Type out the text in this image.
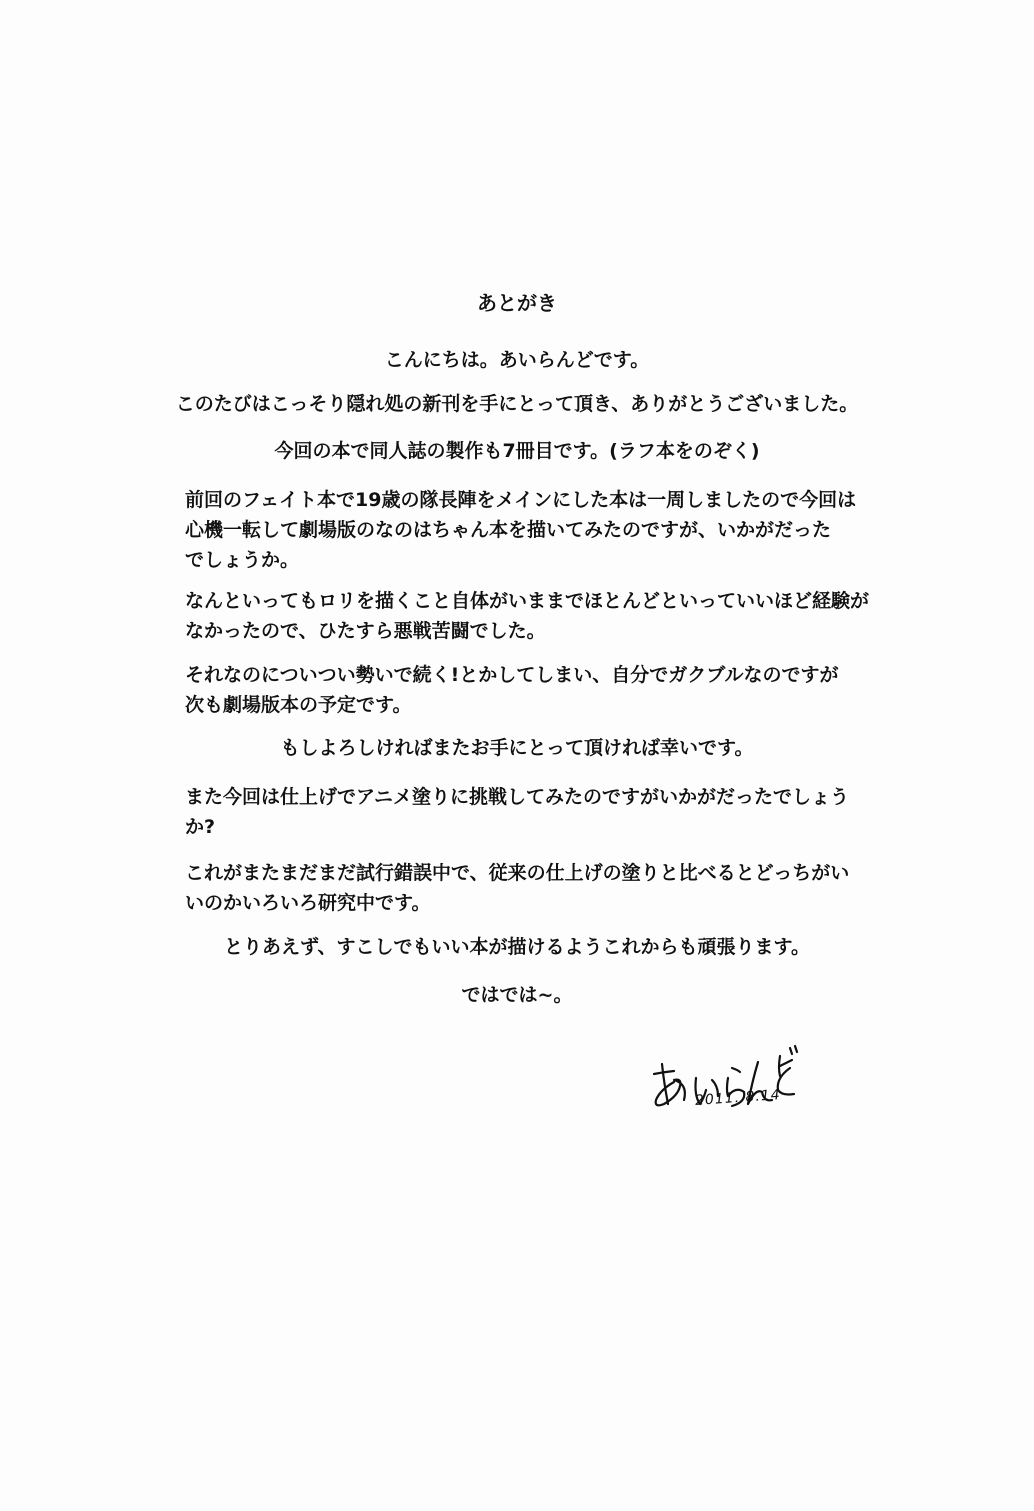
あとがき

こんにちは。あいらんどです。

このたびはこっそり隠れ処の新刊を手にとって頂き、ありがとうございました。

今回の本で同人誌の製作も7冊目です。(ラフ本をのぞく)

前回のフェイト本で19歳の隊長陣をメインにした本は一周しましたので今回は
心機一転して劇場版のなのはちゃん本を描いてみたのですが、いかがだった
でしょうか。

なんといってもロリを描くこと自体がいままでほとんどといっていいほど経験が
なかったので、ひたすら悪戦苦闘でした。

それなのについつい勢いで続く!とかしてしまい、自分でガクブルなのですが
次も劇場版本の予定です。

もしよろしければまたお手にとって頂ければ幸いです。

また今回は仕上げでアニメ塗りに挑戦してみたのですがいかがだったでしょう
か?

これがまたまだまだ試行錯誤中で、従来の仕上げの塗りと比べるとどっちがい
いのかいろいろ研究中です。

とりあえず、すこしでもいい本が描けるようこれからも頑張ります。

ではでは~。

2011. 8.14
